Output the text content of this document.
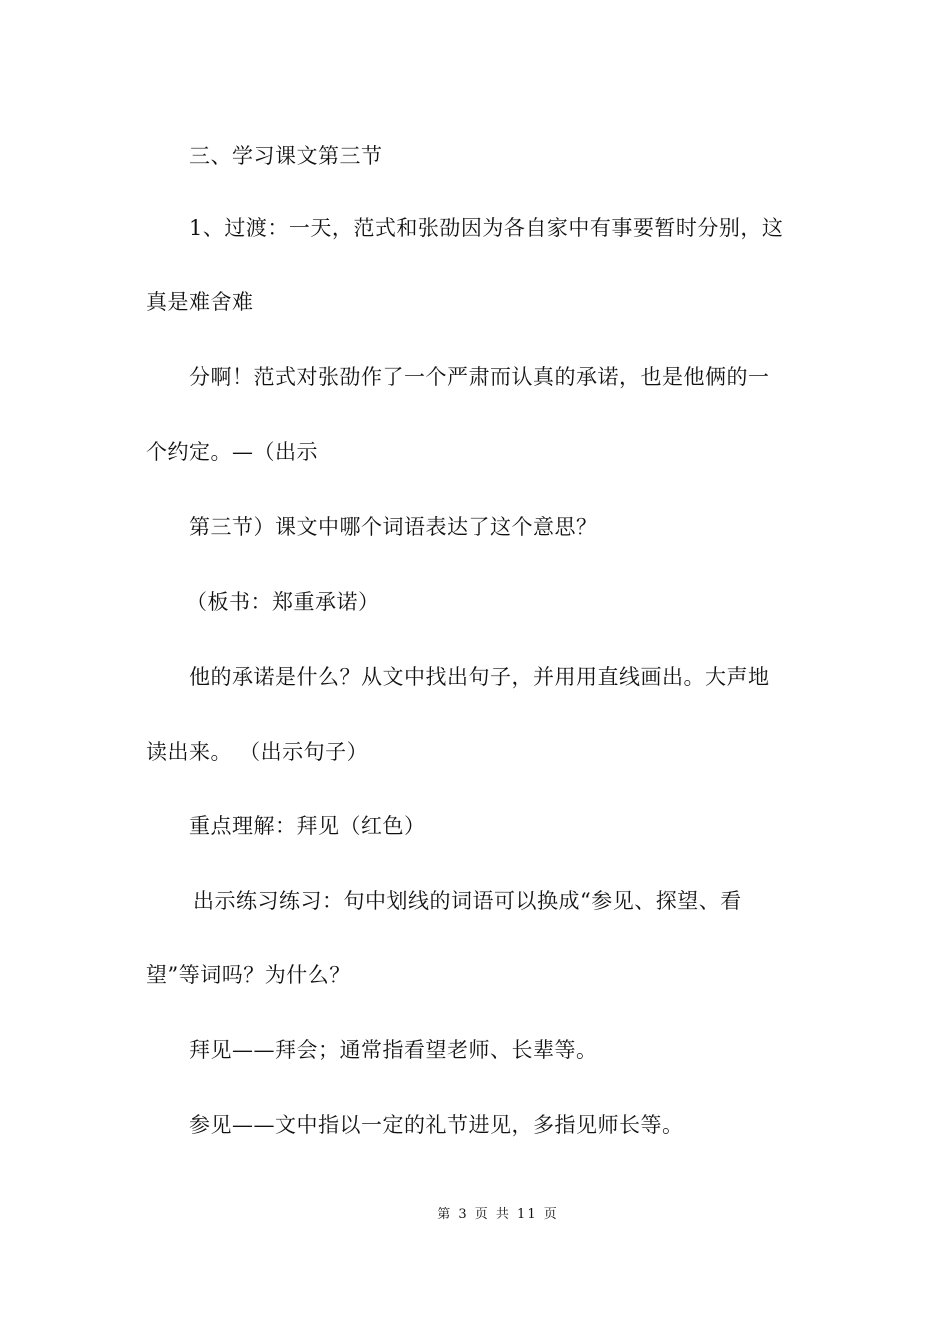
三、学习课文第三节
1、过渡：一天，范式和张劭因为各自家中有事要暂时分别，这
真是难舍难
分啊！范式对张劭作了一个严肃而认真的承诺，也是他俩的一
个约定。—（出示
第三节）课文中哪个词语表达了这个意思？
（板书：郑重承诺）
他的承诺是什么？从文中找出句子，并用用直线画出。大声地
读出来。 （出示句子）
重点理解：拜见（红色）
出示练习练习：句中划线的词语可以换成“参见、探望、看
望”等词吗？为什么？
拜见——拜会；通常指看望老师、长辈等。
参见——文中指以一定的礼节进见，多指见师长等。
第 3 页 共 11 页
